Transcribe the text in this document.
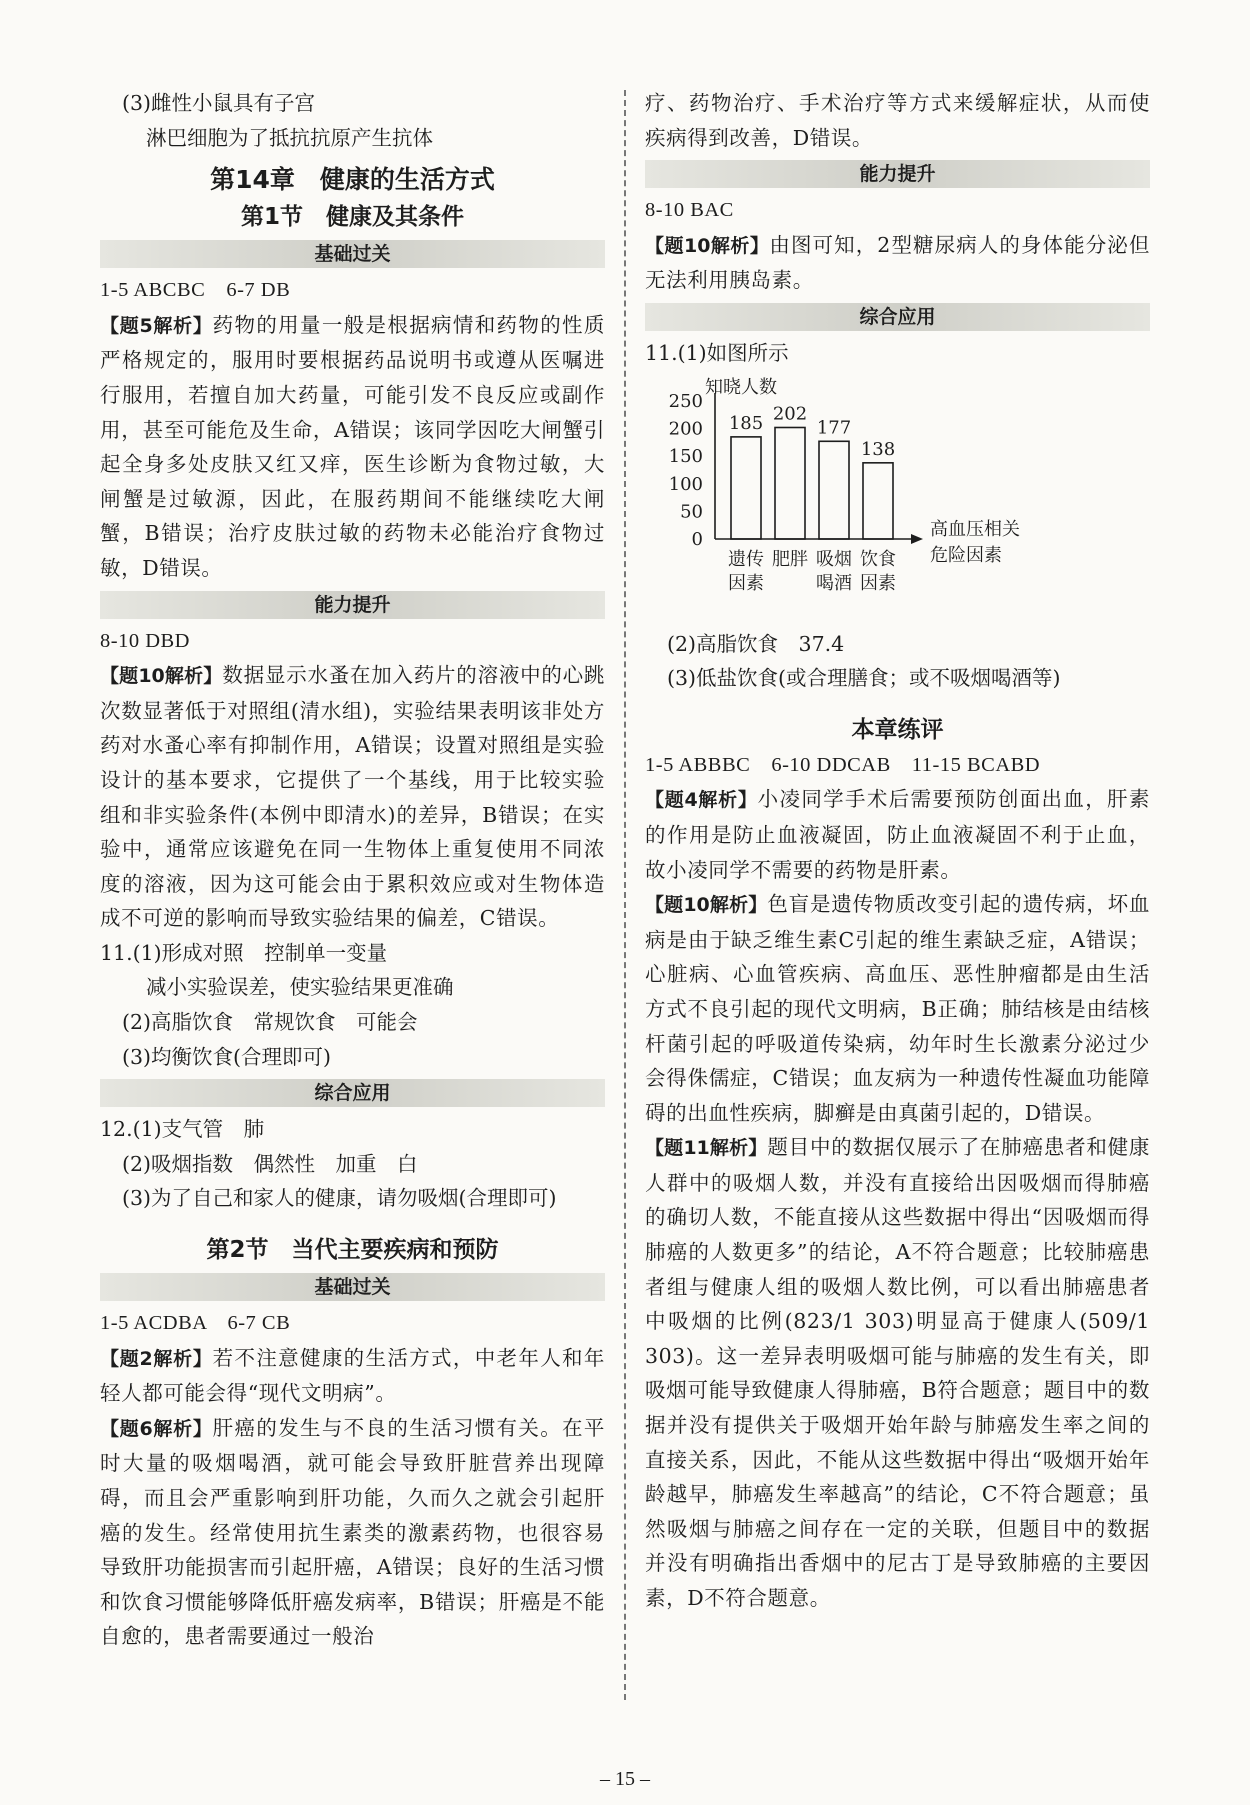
(3)雌性小鼠具有子宫
淋巴细胞为了抵抗抗原产生抗体
第14章　健康的生活方式
第1节　健康及其条件
基础过关
1-5 ABCBC　6-7 DB
【题5解析】药物的用量一般是根据病情和药物的性质严格规定的，服用时要根据药品说明书或遵从医嘱进行服用，若擅自加大药量，可能引发不良反应或副作用，甚至可能危及生命，A错误；该同学因吃大闸蟹引起全身多处皮肤又红又痒，医生诊断为食物过敏，大闸蟹是过敏源，因此，在服药期间不能继续吃大闸蟹，B错误；治疗皮肤过敏的药物未必能治疗食物过敏，D错误。
能力提升
8-10 DBD
【题10解析】数据显示水蚤在加入药片的溶液中的心跳次数显著低于对照组(清水组)，实验结果表明该非处方药对水蚤心率有抑制作用，A错误；设置对照组是实验设计的基本要求，它提供了一个基线，用于比较实验组和非实验条件(本例中即清水)的差异，B错误；在实验中，通常应该避免在同一生物体上重复使用不同浓度的溶液，因为这可能会由于累积效应或对生物体造成不可逆的影响而导致实验结果的偏差，C错误。
11.(1)形成对照　控制单一变量
减小实验误差，使实验结果更准确
(2)高脂饮食　常规饮食　可能会
(3)均衡饮食(合理即可)
综合应用
12.(1)支气管　肺
(2)吸烟指数　偶然性　加重　白
(3)为了自己和家人的健康，请勿吸烟(合理即可)
第2节　当代主要疾病和预防
基础过关
1-5 ACDBA　6-7 CB
【题2解析】若不注意健康的生活方式，中老年人和年轻人都可能会得“现代文明病”。
【题6解析】肝癌的发生与不良的生活习惯有关。在平时大量的吸烟喝酒，就可能会导致肝脏营养出现障碍，而且会严重影响到肝功能，久而久之就会引起肝癌的发生。经常使用抗生素类的激素药物，也很容易导致肝功能损害而引起肝癌，A错误；良好的生活习惯和饮食习惯能够降低肝癌发病率，B错误；肝癌是不能自愈的，患者需要通过一般治
疗、药物治疗、手术治疗等方式来缓解症状，从而使疾病得到改善，D错误。
能力提升
8-10 BAC
【题10解析】由图可知，2型糖尿病人的身体能分泌但无法利用胰岛素。
综合应用
11.(1)如图所示
知晓人数
250
200
150
100
50
0
185 202
177
138
遗传
因素
肥胖 吸烟
喝酒
饮食
因素
高血压相关
危险因素
(2)高脂饮食　37.4
(3)低盐饮食(或合理膳食；或不吸烟喝酒等)
本章练评
1-5 ABBBC　6-10 DDCAB　11-15 BCABD
【题4解析】小凌同学手术后需要预防创面出血，肝素的作用是防止血液凝固，防止血液凝固不利于止血，故小凌同学不需要的药物是肝素。
【题10解析】色盲是遗传物质改变引起的遗传病，坏血病是由于缺乏维生素C引起的维生素缺乏症，A错误；心脏病、心血管疾病、高血压、恶性肿瘤都是由生活方式不良引起的现代文明病，B正确；肺结核是由结核杆菌引起的呼吸道传染病，幼年时生长激素分泌过少会得侏儒症，C错误；血友病为一种遗传性凝血功能障碍的出血性疾病，脚癣是由真菌引起的，D错误。
【题11解析】题目中的数据仅展示了在肺癌患者和健康人群中的吸烟人数，并没有直接给出因吸烟而得肺癌的确切人数，不能直接从这些数据中得出“因吸烟而得肺癌的人数更多”的结论，A不符合题意；比较肺癌患者组与健康人组的吸烟人数比例，可以看出肺癌患者中吸烟的比例(823/1 303)明显高于健康人(509/1 303)。这一差异表明吸烟可能与肺癌的发生有关，即吸烟可能导致健康人得肺癌，B符合题意；题目中的数据并没有提供关于吸烟开始年龄与肺癌发生率之间的直接关系，因此，不能从这些数据中得出“吸烟开始年龄越早，肺癌发生率越高”的结论，C不符合题意；虽然吸烟与肺癌之间存在一定的关联，但题目中的数据并没有明确指出香烟中的尼古丁是导致肺癌的主要因素，D不符合题意。
– 15 –
